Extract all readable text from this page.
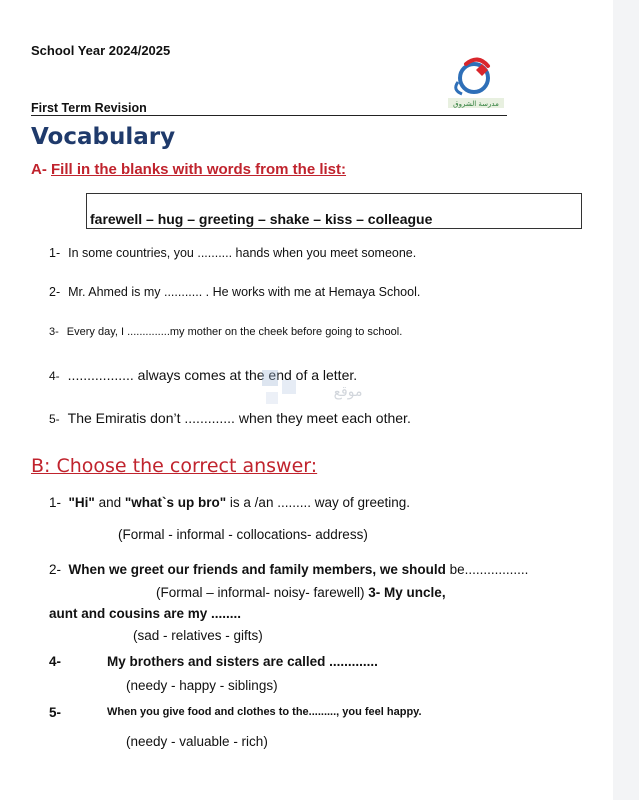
School Year 2024/2025
مدرسة الشروق
First Term Revision
Vocabulary
A- Fill in the blanks with words from the list:
farewell – hug – greeting – shake – kiss – colleague
1- In some countries, you .......... hands when you meet someone.
2- Mr. Ahmed is my ........... . He works with me at Hemaya School.
3- Every day, I ..............my mother on the cheek before going to school.
4- ................. always comes at the end of a letter.
5- The Emiratis don’t ............. when they meet each other.
موقع
B: Choose the correct answer:
1- "Hi" and "what`s up bro" is a /an ......... way of greeting.
(Formal - informal - collocations- address)
2- When we greet our friends and family members, we should be.................
(Formal – informal- noisy- farewell) 3- My uncle,
aunt and cousins are my ........
(sad - relatives - gifts)
4-	My brothers and sisters are called .............
(needy - happy - siblings)
5-	When you give food and clothes to the........., you feel happy.
(needy - valuable - rich)
